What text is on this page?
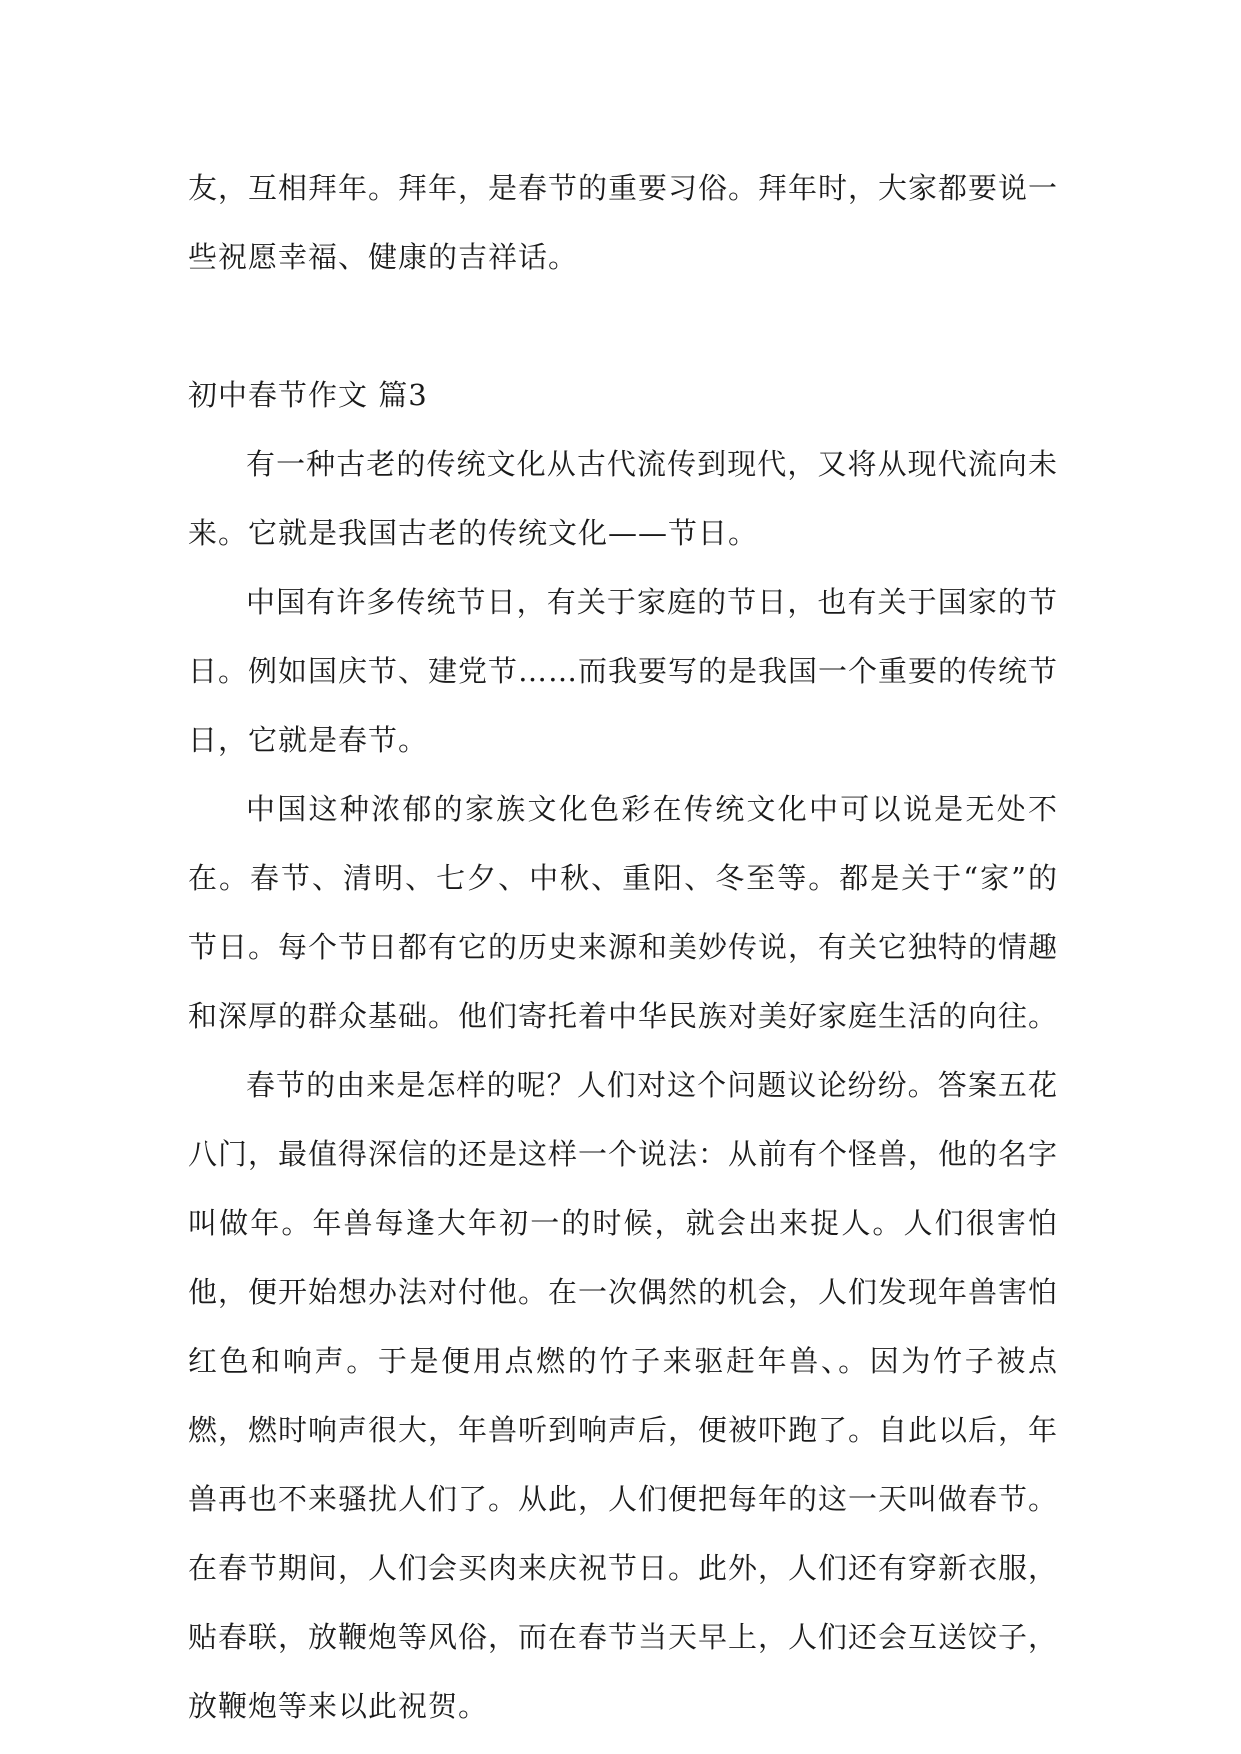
友，互相拜年。拜年，是春节的重要习俗。拜年时，大家都要说一些祝愿幸福、健康的吉祥话。

初中春节作文 篇3

有一种古老的传统文化从古代流传到现代，又将从现代流向未来。它就是我国古老的传统文化——节日。

中国有许多传统节日，有关于家庭的节日，也有关于国家的节日。例如国庆节、建党节……而我要写的是我国一个重要的传统节日，它就是春节。

中国这种浓郁的家族文化色彩在传统文化中可以说是无处不在。春节、清明、七夕、中秋、重阳、冬至等。都是关于“家”的节日。每个节日都有它的历史来源和美妙传说，有关它独特的情趣和深厚的群众基础。他们寄托着中华民族对美好家庭生活的向往。

春节的由来是怎样的呢？人们对这个问题议论纷纷。答案五花八门，最值得深信的还是这样一个说法：从前有个怪兽，他的名字叫做年。年兽每逢大年初一的时候，就会出来捉人。人们很害怕他，便开始想办法对付他。在一次偶然的机会，人们发现年兽害怕红色和响声。于是便用点燃的竹子来驱赶年兽、。因为竹子被点燃，燃时响声很大，年兽听到响声后，便被吓跑了。自此以后，年兽再也不来骚扰人们了。从此，人们便把每年的这一天叫做春节。在春节期间，人们会买肉来庆祝节日。此外，人们还有穿新衣服，贴春联，放鞭炮等风俗，而在春节当天早上，人们还会互送饺子，放鞭炮等来以此祝贺。
